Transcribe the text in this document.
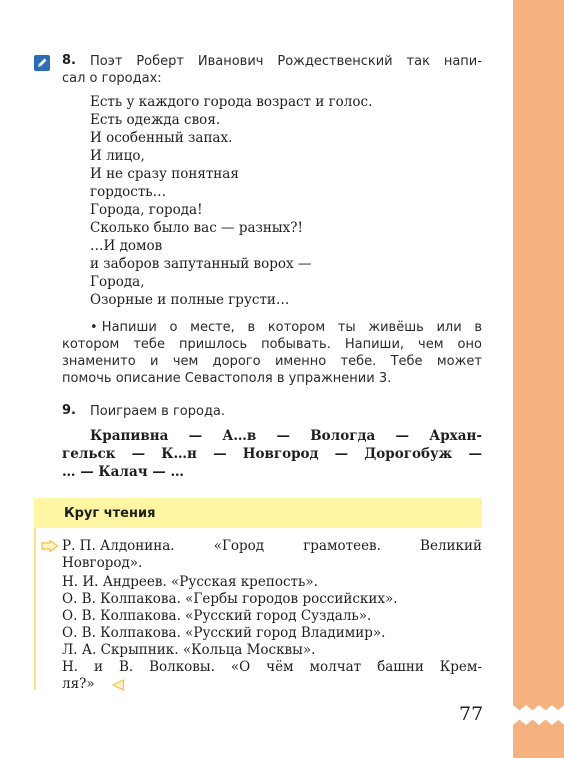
8. Поэт Роберт Иванович Рождественский так напи-
сал о городах:
Есть у каждого города возраст и голос.
Есть одежда своя.
И особенный запах.
И лицо,
И не сразу понятная
гордость…
Города, города!
Сколько было вас — разных?!
…И домов
и заборов запутанный ворох —
Города,
Озорные и полные грусти…
• Напиши о месте, в котором ты живёшь или в
котором тебе пришлось побывать. Напиши, чем оно
знаменито и чем дорого именно тебе. Тебе может
помочь описание Севастополя в упражнении 3.
9. Поиграем в города.
Крапивна — А…в — Вологда — Архан-
гельск — К…н — Новгород — Дорогобуж —
… — Калач — …
Круг чтения
Р. П. Алдонина.	«Город	грамотеев.	Великий
Новгород».
Н. И. Андреев. «Русская крепость».
О. В. Колпакова. «Гербы городов российских».
О. В. Колпакова. «Русский город Суздаль».
О. В. Колпакова. «Русский город Владимир».
Л. А. Скрыпник. «Кольца Москвы».
Н. и В. Волковы. «О чём молчат башни Крем-
ля?»
77
